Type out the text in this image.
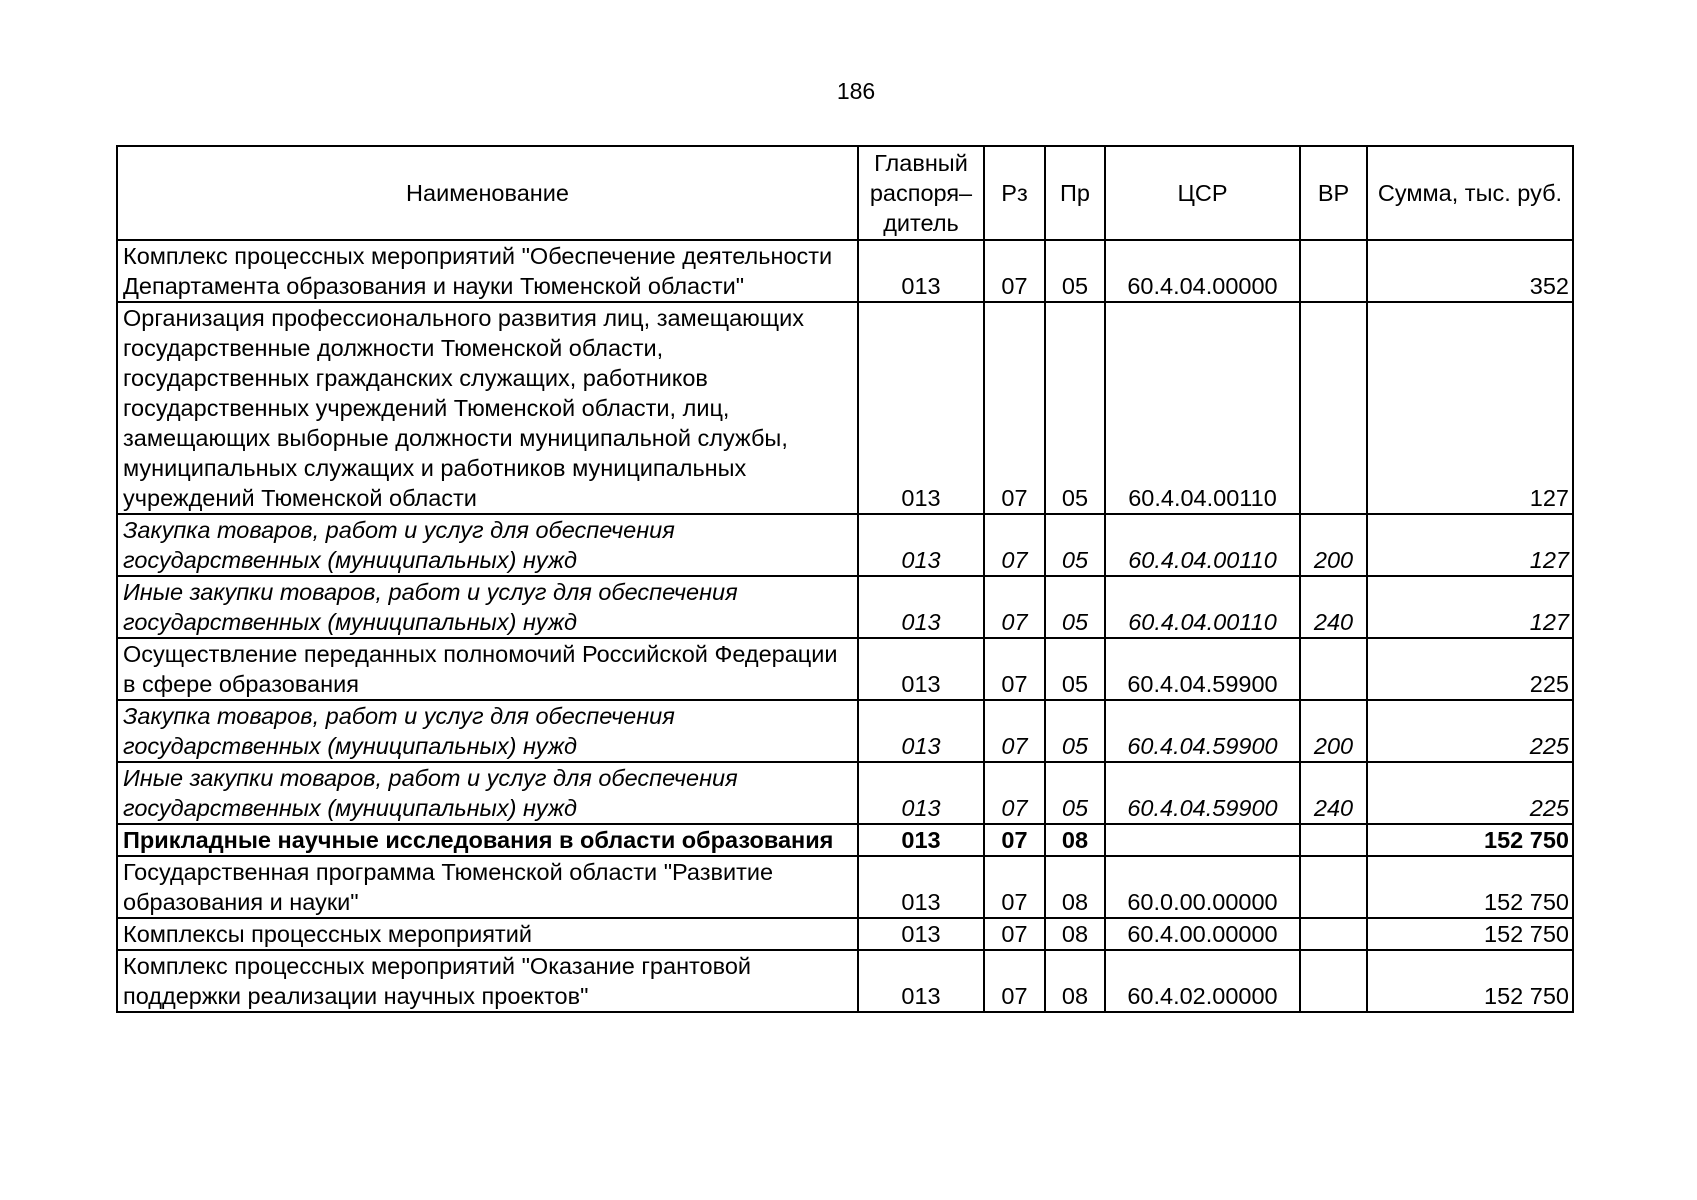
186
Наименование	Главный распоря– дитель	Рз	Пр	ЦСР	ВР	Сумма, тыс. руб.
Комплекс процессных мероприятий "Обеспечение деятельности Департамента образования и науки Тюменской области"	013	07	05	60.4.04.00000		352
Организация профессионального развития лиц, замещающих государственные должности Тюменской области, государственных гражданских служащих, работников государственных учреждений Тюменской области, лиц, замещающих выборные должности муниципальной службы, муниципальных служащих и работников муниципальных учреждений Тюменской области	013	07	05	60.4.04.00110		127
Закупка товаров, работ и услуг для обеспечения государственных (муниципальных) нужд	013	07	05	60.4.04.00110	200	127
Иные закупки товаров, работ и услуг для обеспечения государственных (муниципальных) нужд	013	07	05	60.4.04.00110	240	127
Осуществление переданных полномочий Российской Федерации в сфере образования	013	07	05	60.4.04.59900		225
Закупка товаров, работ и услуг для обеспечения государственных (муниципальных) нужд	013	07	05	60.4.04.59900	200	225
Иные закупки товаров, работ и услуг для обеспечения государственных (муниципальных) нужд	013	07	05	60.4.04.59900	240	225
Прикладные научные исследования в области образования	013	07	08			152 750
Государственная программа Тюменской области "Развитие образования и науки"	013	07	08	60.0.00.00000		152 750
Комплексы процессных мероприятий	013	07	08	60.4.00.00000		152 750
Комплекс процессных мероприятий "Оказание грантовой поддержки реализации научных проектов"	013	07	08	60.4.02.00000		152 750
